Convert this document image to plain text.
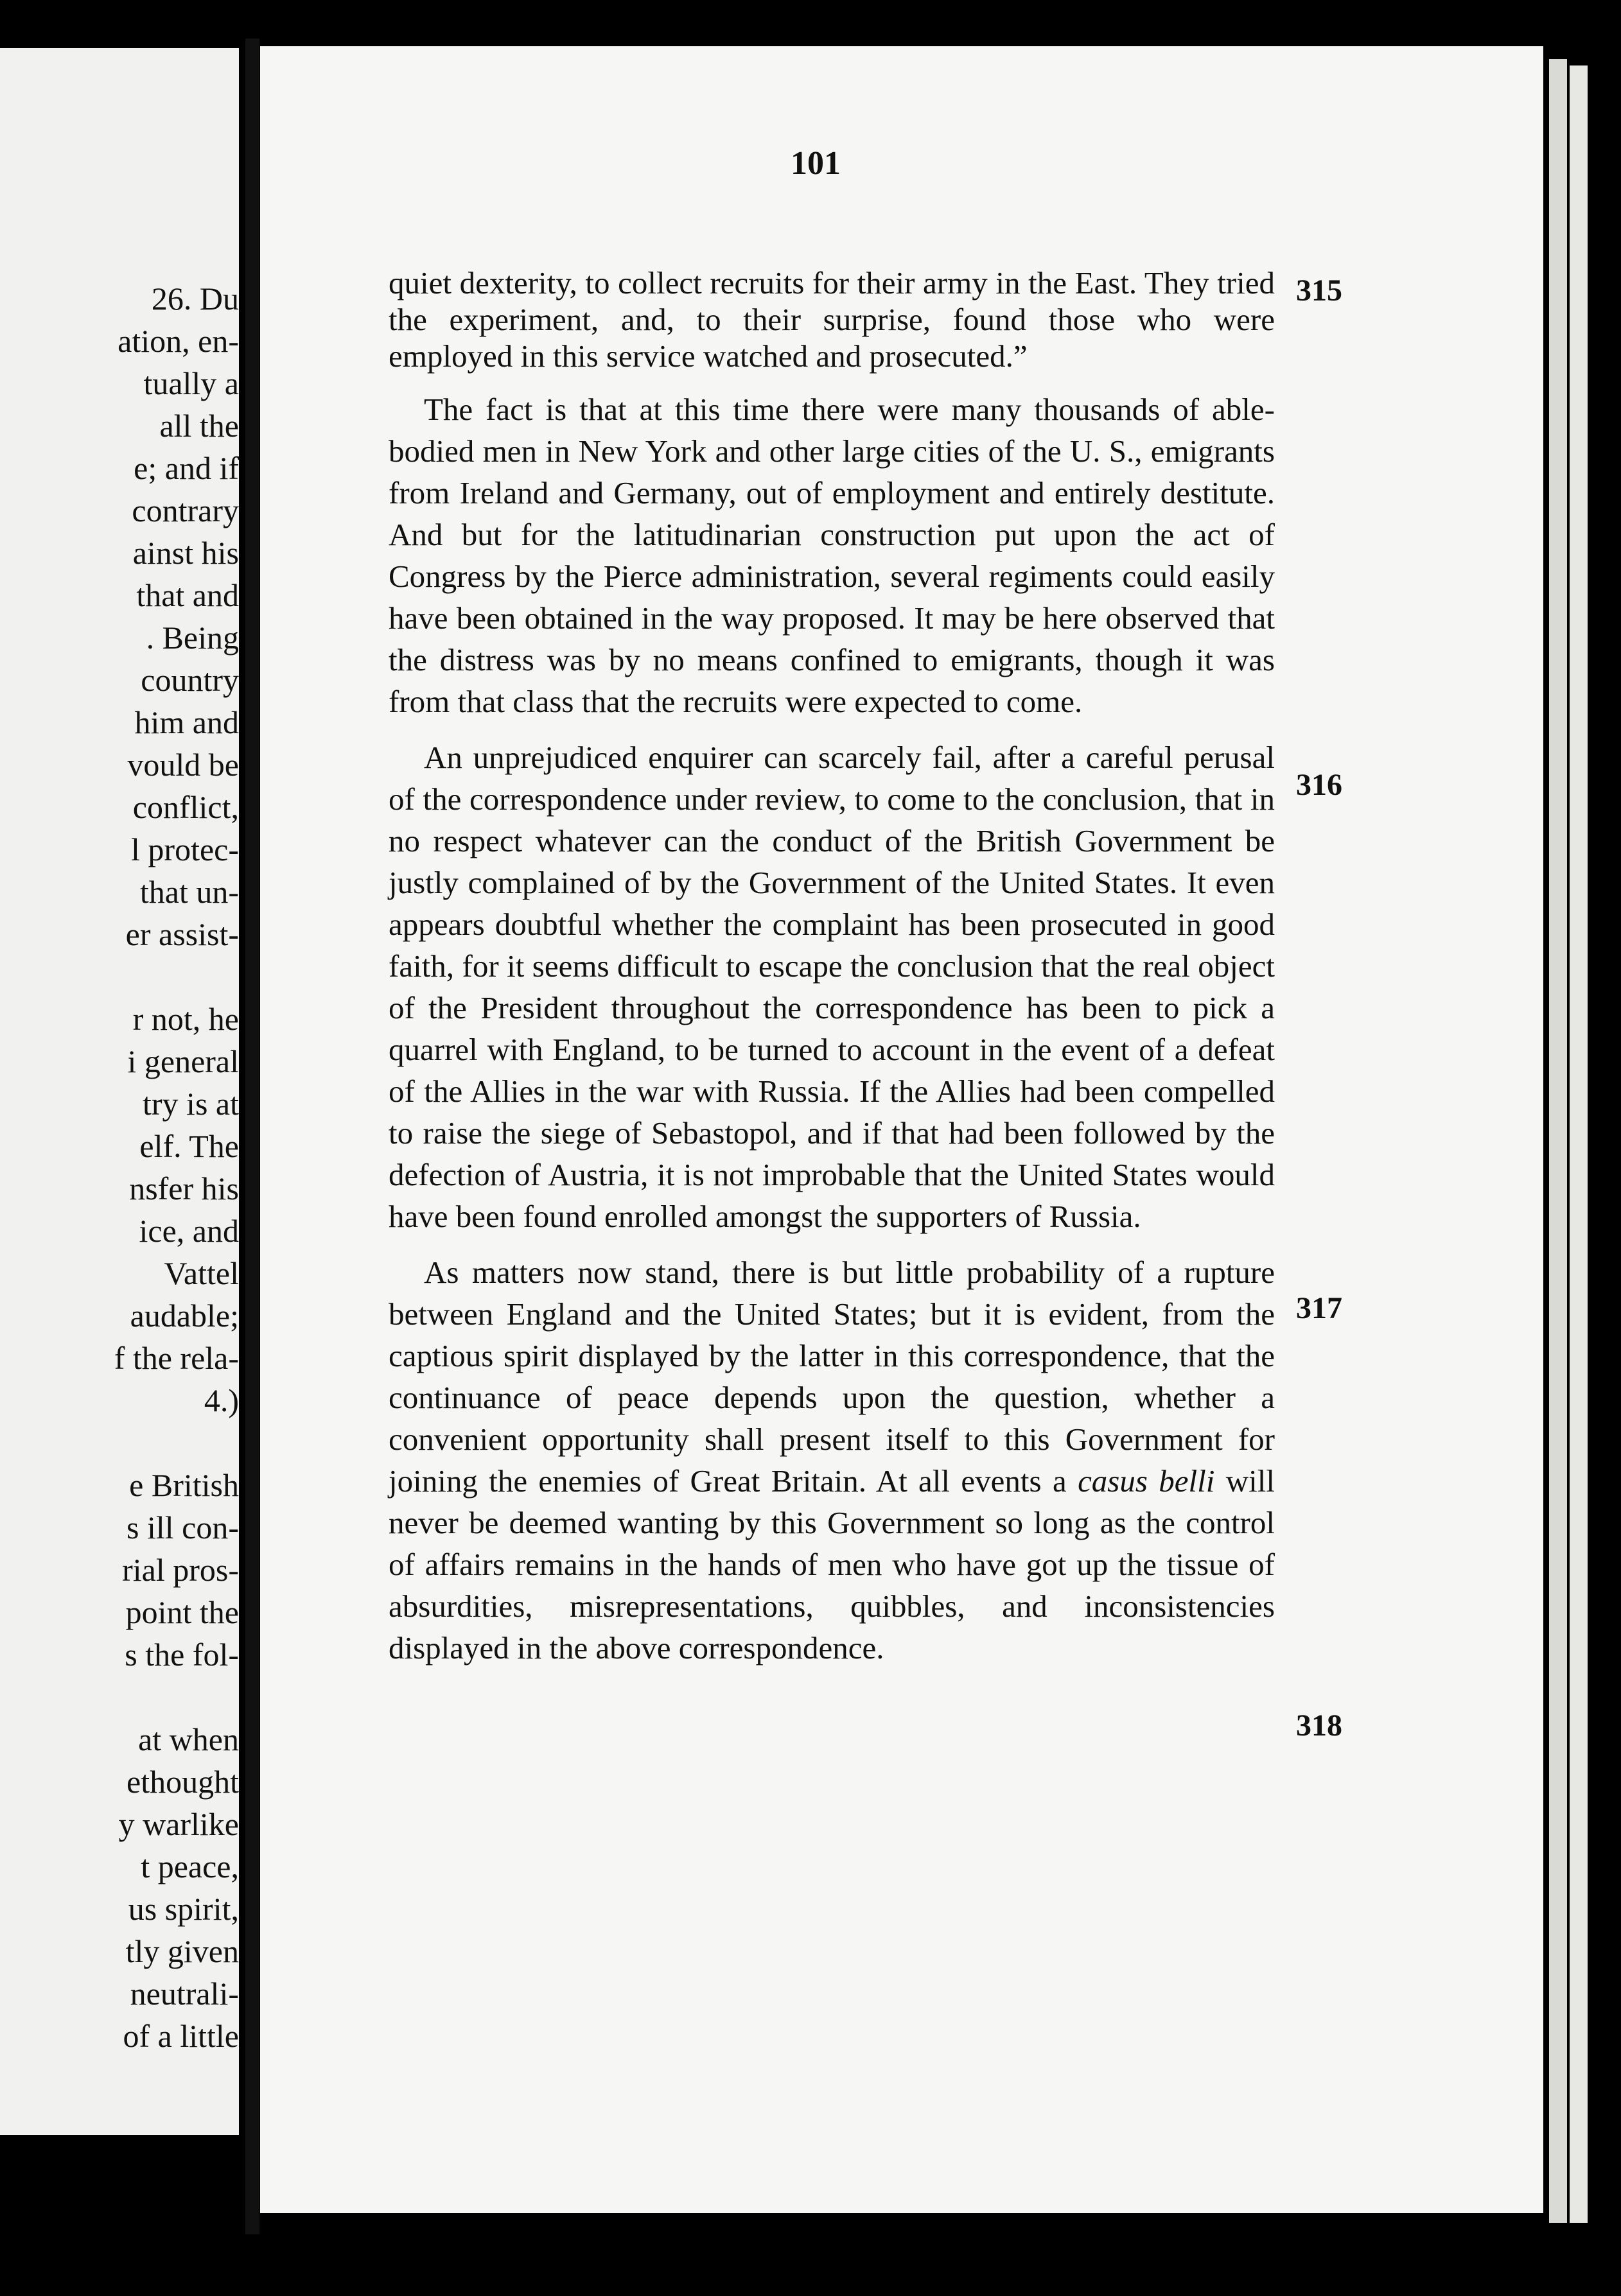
26. Du
ation, en-
tually a
all the
e; and if
contrary
ainst his
that and
. Being
country
him and
vould be
conflict,
l protec-
that un-
er assist-
r not, he
i general
try is at
elf. The
nsfer his
ice, and
Vattel
audable;
f the rela-
4.)
e British
s ill con-
rial pros-
point the
s the fol-
at when
ethought
y warlike
t peace,
us spirit,
tly given
neutrali-
of a little
101

quiet dexterity, to collect recruits for their army in the East. They tried the experiment, and, to their surprise, found those who were employed in this service watched and prosecuted.”

The fact is that at this time there were many thousands of able-bodied men in New York and other large cities of the U. S., emigrants from Ireland and Germany, out of employment and entirely destitute. And but for the latitudinarian construction put upon the act of Congress by the Pierce administration, several regiments could easily have been obtained in the way proposed. It may be here observed that the distress was by no means confined to emigrants, though it was from that class that the recruits were expected to come.

An unprejudiced enquirer can scarcely fail, after a careful perusal of the correspondence under review, to come to the conclusion, that in no respect whatever can the conduct of the British Government be justly complained of by the Government of the United States. It even appears doubtful whether the complaint has been prosecuted in good faith, for it seems difficult to escape the conclusion that the real object of the President throughout the correspondence has been to pick a quarrel with England, to be turned to account in the event of a defeat of the Allies in the war with Russia. If the Allies had been compelled to raise the siege of Sebastopol, and if that had been followed by the defection of Austria, it is not improbable that the United States would have been found enrolled amongst the supporters of Russia.

As matters now stand, there is but little probability of a rupture between England and the United States; but it is evident, from the captious spirit displayed by the latter in this correspondence, that the continuance of peace depends upon the question, whether a convenient opportunity shall present itself to this Government for joining the enemies of Great Britain. At all events a casus belli will never be deemed wanting by this Government so long as the control of affairs remains in the hands of men who have got up the tissue of absurdities, misrepresentations, quibbles, and inconsistencies displayed in the above correspondence.

315
316
317
318
